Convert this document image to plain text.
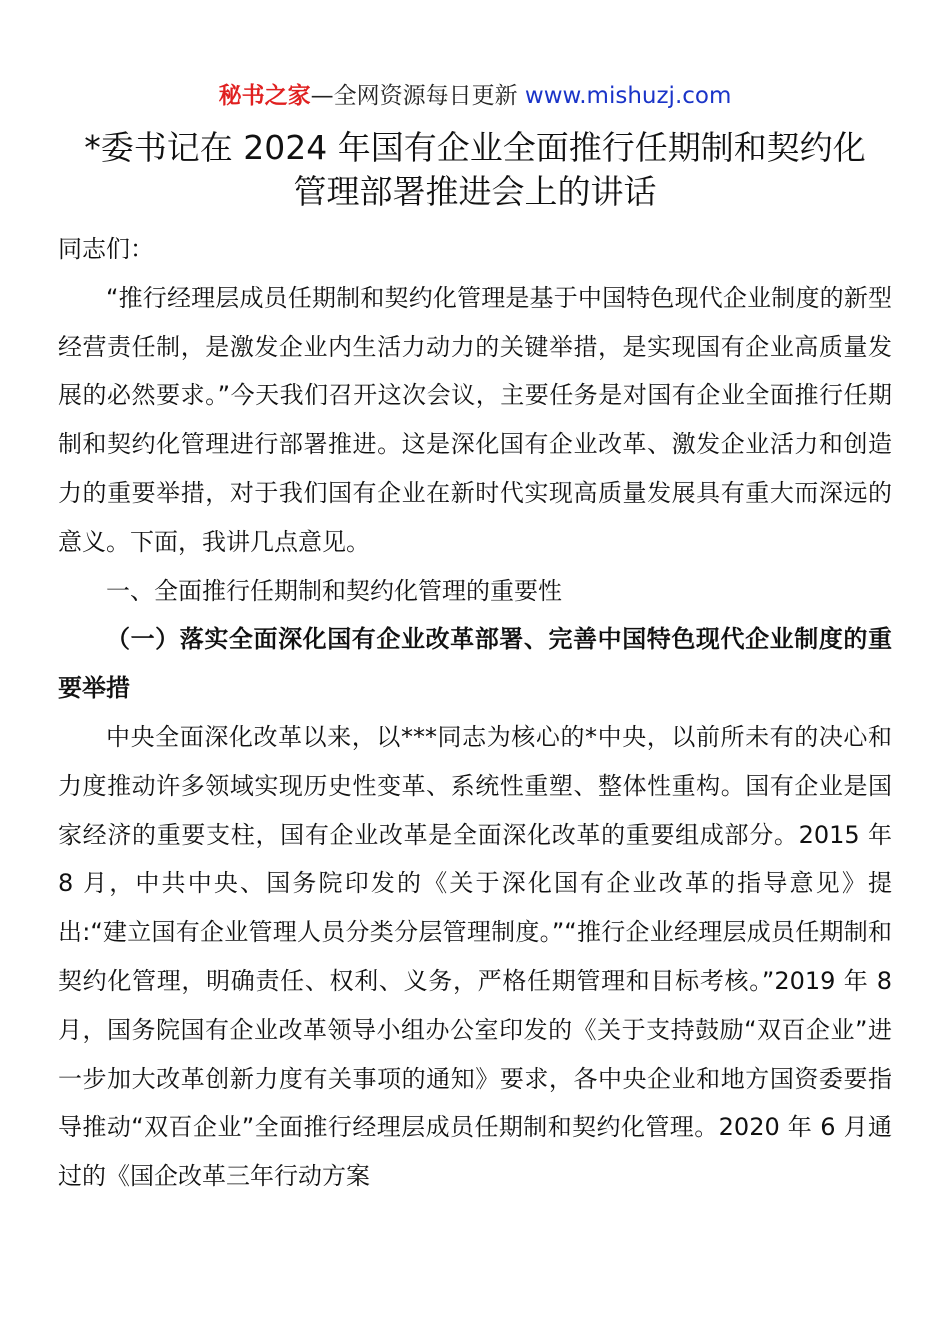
秘书之家—全网资源每日更新 www.mishuzj.com
*委书记在 2024 年国有企业全面推行任期制和契约化
管理部署推进会上的讲话

同志们：

“推行经理层成员任期制和契约化管理是基于中国特色现代企业制度的新型经营责任制，是激发企业内生活力动力的关键举措，是实现国有企业高质量发展的必然要求。”今天我们召开这次会议，主要任务是对国有企业全面推行任期制和契约化管理进行部署推进。这是深化国有企业改革、激发企业活力和创造力的重要举措，对于我们国有企业在新时代实现高质量发展具有重大而深远的意义。下面，我讲几点意见。

一、全面推行任期制和契约化管理的重要性

（一）落实全面深化国有企业改革部署、完善中国特色现代企业制度的重要举措

中央全面深化改革以来，以***同志为核心的*中央，以前所未有的决心和力度推动许多领域实现历史性变革、系统性重塑、整体性重构。国有企业是国家经济的重要支柱，国有企业改革是全面深化改革的重要组成部分。2015 年 8 月，中共中央、国务院印发的《关于深化国有企业改革的指导意见》提出:“建立国有企业管理人员分类分层管理制度。”“推行企业经理层成员任期制和契约化管理，明确责任、权利、义务，严格任期管理和目标考核。”2019 年 8 月，国务院国有企业改革领导小组办公室印发的《关于支持鼓励“双百企业”进一步加大改革创新力度有关事项的通知》要求，各中央企业和地方国资委要指导推动“双百企业”全面推行经理层成员任期制和契约化管理。2020 年 6 月通过的《国企改革三年行动方案
